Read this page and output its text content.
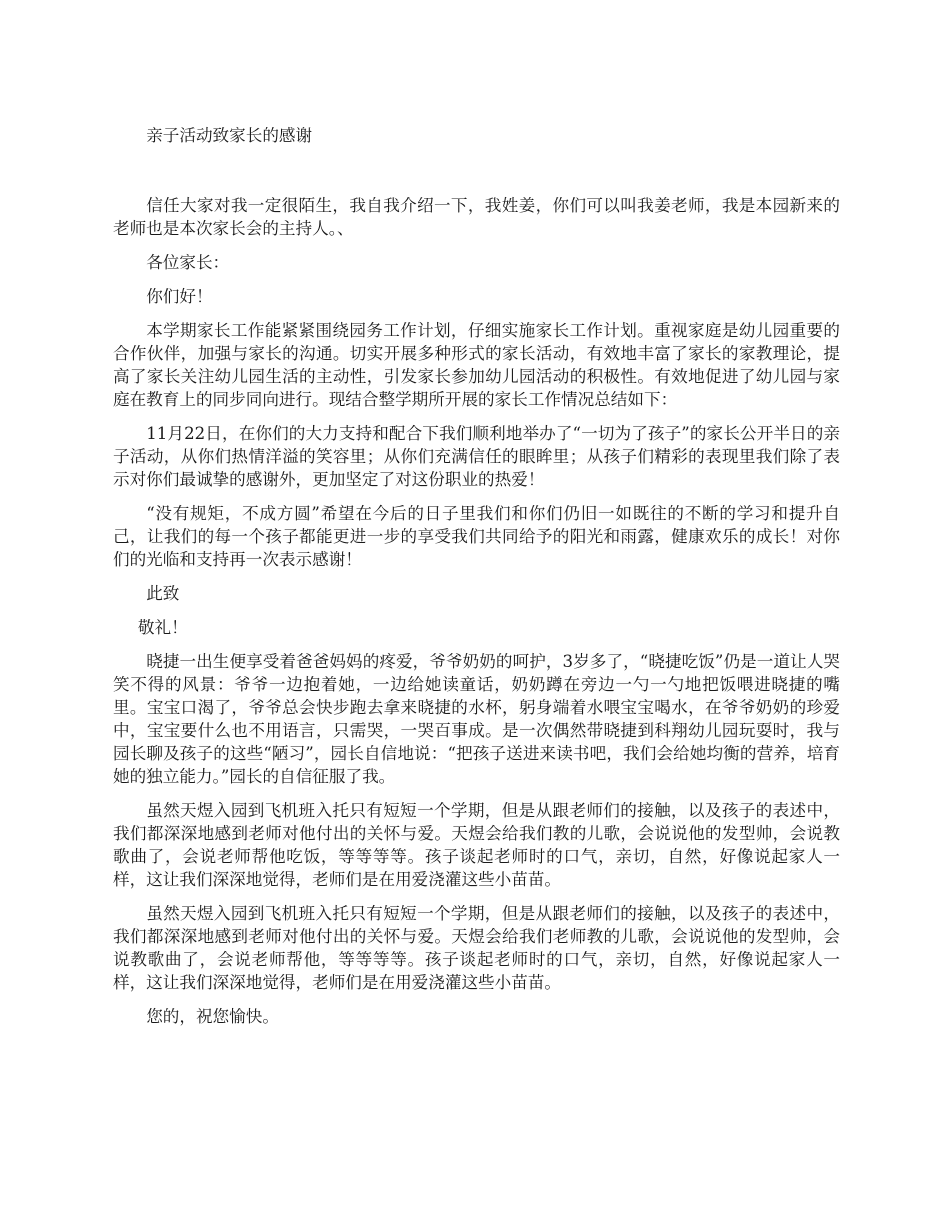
亲子活动致家长的感谢

信任大家对我一定很陌生，我自我介绍一下，我姓姜，你们可以叫我姜老师，我是本园新来的老师也是本次家长会的主持人。、

各位家长：

你们好！

本学期家长工作能紧紧围绕园务工作计划，仔细实施家长工作计划。重视家庭是幼儿园重要的合作伙伴，加强与家长的沟通。切实开展多种形式的家长活动，有效地丰富了家长的家教理论，提高了家长关注幼儿园生活的主动性，引发家长参加幼儿园活动的积极性。有效地促进了幼儿园与家庭在教育上的同步同向进行。现结合整学期所开展的家长工作情况总结如下：

11月22日，在你们的大力支持和配合下我们顺利地举办了“一切为了孩子”的家长公开半日的亲子活动，从你们热情洋溢的笑容里；从你们充满信任的眼眸里；从孩子们精彩的表现里我们除了表示对你们最诚挚的感谢外，更加坚定了对这份职业的热爱！

“没有规矩，不成方圆”希望在今后的日子里我们和你们仍旧一如既往的不断的学习和提升自己，让我们的每一个孩子都能更进一步的享受我们共同给予的阳光和雨露，健康欢乐的成长！对你们的光临和支持再一次表示感谢！

此致

敬礼！

晓捷一出生便享受着爸爸妈妈的疼爱，爷爷奶奶的呵护，3岁多了，“晓捷吃饭”仍是一道让人哭笑不得的风景：爷爷一边抱着她，一边给她读童话，奶奶蹲在旁边一勺一勺地把饭喂进晓捷的嘴里。宝宝口渴了，爷爷总会快步跑去拿来晓捷的水杯，躬身端着水喂宝宝喝水，在爷爷奶奶的珍爱中，宝宝要什么也不用语言，只需哭，一哭百事成。是一次偶然带晓捷到科翔幼儿园玩耍时，我与园长聊及孩子的这些“陋习”，园长自信地说：“把孩子送进来读书吧，我们会给她均衡的营养，培育她的独立能力。”园长的自信征服了我。

虽然天煜入园到飞机班入托只有短短一个学期，但是从跟老师们的接触，以及孩子的表述中，我们都深深地感到老师对他付出的关怀与爱。天煜会给我们教的儿歌，会说说他的发型帅，会说教歌曲了，会说老师帮他吃饭，等等等等。孩子谈起老师时的口气，亲切，自然，好像说起家人一样，这让我们深深地觉得，老师们是在用爱浇灌这些小苗苗。

虽然天煜入园到飞机班入托只有短短一个学期，但是从跟老师们的接触，以及孩子的表述中，我们都深深地感到老师对他付出的关怀与爱。天煜会给我们老师教的儿歌，会说说他的发型帅，会说教歌曲了，会说老师帮他，等等等等。孩子谈起老师时的口气，亲切，自然，好像说起家人一样，这让我们深深地觉得，老师们是在用爱浇灌这些小苗苗。

您的，祝您愉快。
